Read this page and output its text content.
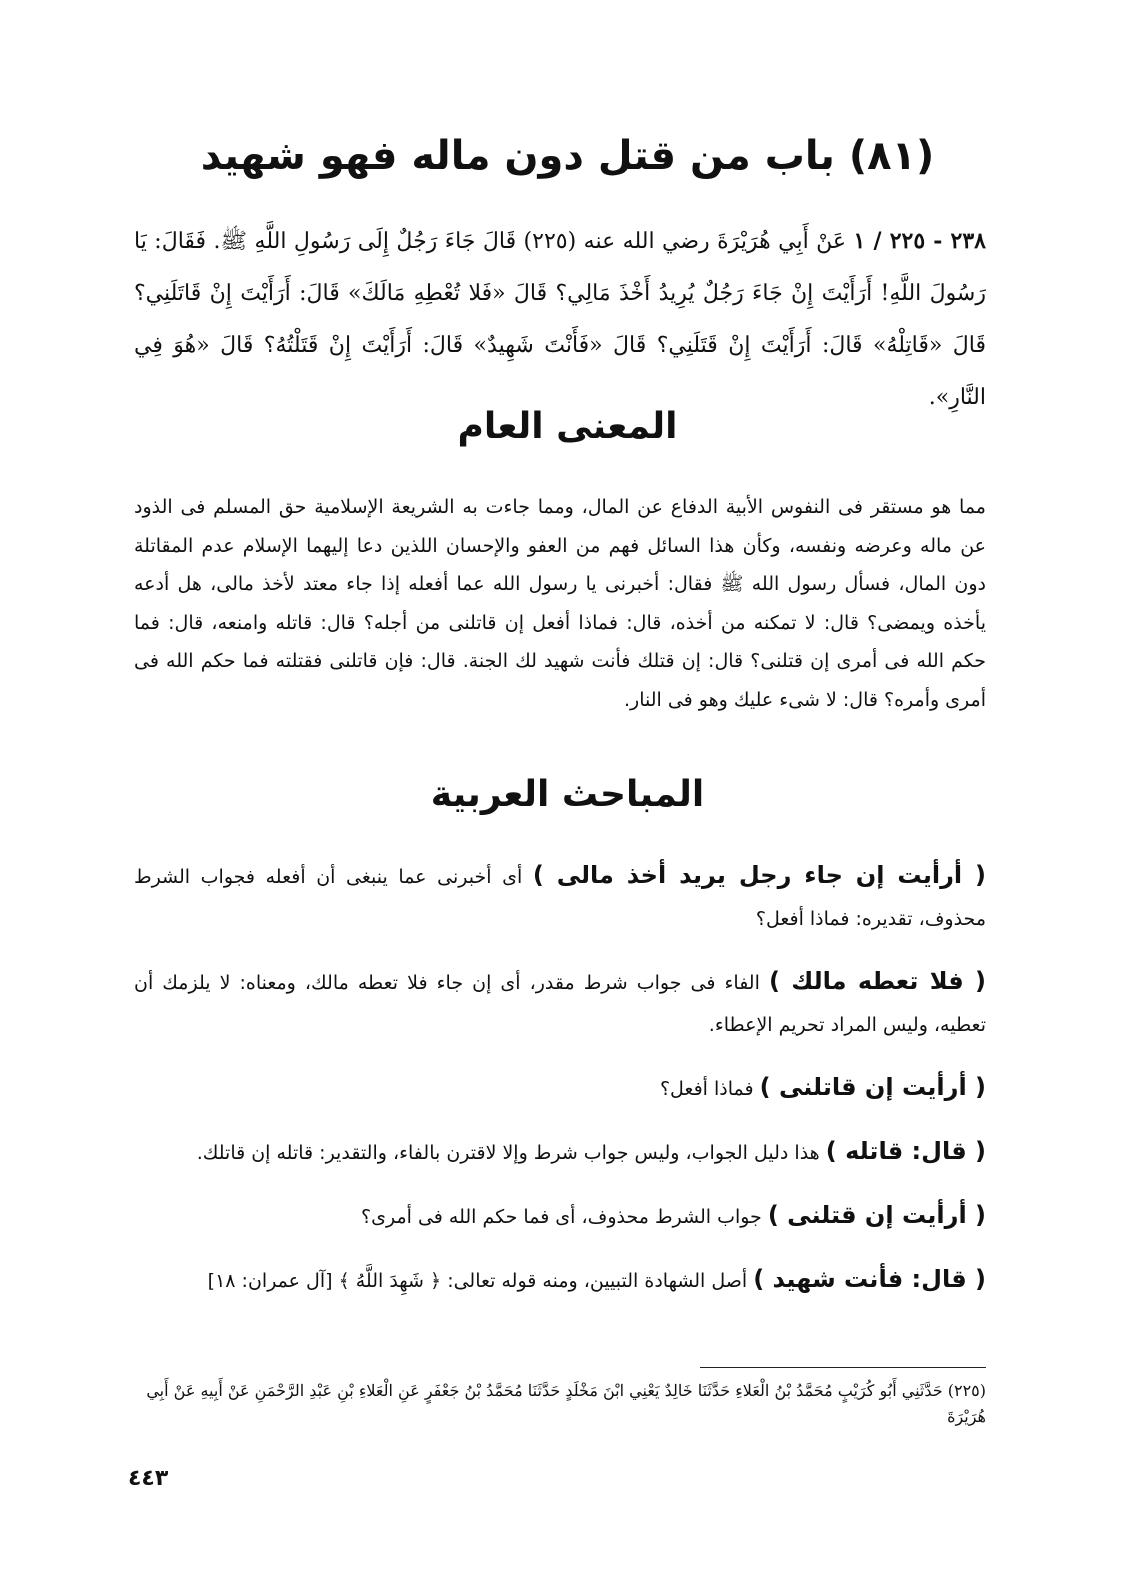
(٨١) باب من قتل دون ماله فهو شهيد

٢٣٨ - ٢٢٥ / ١ عَنْ أَبِي هُرَيْرَةَ رضي الله عنه (٢٢٥) قَالَ جَاءَ رَجُلٌ إِلَى رَسُولِ اللَّهِ ﷺ. فَقَالَ: يَا رَسُولَ اللَّهِ! أَرَأَيْتَ إِنْ جَاءَ رَجُلٌ يُرِيدُ أَخْذَ مَالِي؟ قَالَ «فَلا تُعْطِهِ مَالَكَ» قَالَ: أَرَأَيْتَ إِنْ قَاتَلَنِي؟ قَالَ «قَاتِلْهُ» قَالَ: أَرَأَيْتَ إِنْ قَتَلَنِي؟ قَالَ «فَأَنْتَ شَهِيدٌ» قَالَ: أَرَأَيْتَ إِنْ قَتَلْتُهُ؟ قَالَ «هُوَ فِي النَّارِ».

المعنى العام

مما هو مستقر فى النفوس الأبية الدفاع عن المال، ومما جاءت به الشريعة الإسلامية حق المسلم فى الذود عن ماله وعرضه ونفسه، وكأن هذا السائل فهم من العفو والإحسان اللذين دعا إليهما الإسلام عدم المقاتلة دون المال، فسأل رسول الله ﷺ فقال: أخبرنى يا رسول الله عما أفعله إذا جاء معتد لأخذ مالى، هل أدعه يأخذه ويمضى؟ قال: لا تمكنه من أخذه، قال: فماذا أفعل إن قاتلنى من أجله؟ قال: قاتله وامنعه، قال: فما حكم الله فى أمرى إن قتلنى؟ قال: إن قتلك فأنت شهيد لك الجنة. قال: فإن قاتلنى فقتلته فما حكم الله فى أمرى وأمره؟ قال: لا شىء عليك وهو فى النار.

المباحث العربية

( أرأيت إن جاء رجل يريد أخذ مالى ) أى أخبرنى عما ينبغى أن أفعله فجواب الشرط محذوف، تقديره: فماذا أفعل؟

( فلا تعطه مالك ) الفاء فى جواب شرط مقدر، أى إن جاء فلا تعطه مالك، ومعناه: لا يلزمك أن تعطيه، وليس المراد تحريم الإعطاء.

( أرأيت إن قاتلنى ) فماذا أفعل؟

( قال: قاتله ) هذا دليل الجواب، وليس جواب شرط وإلا لاقترن بالفاء، والتقدير: قاتله إن قاتلك.

( أرأيت إن قتلنى ) جواب الشرط محذوف، أى فما حكم الله فى أمرى؟

( قال: فأنت شهيد ) أصل الشهادة التبيين، ومنه قوله تعالى: ﴿ شَهِدَ اللَّهُ ﴾ [آل عمران: ١٨]

(٢٢٥) حَدَّثَنِي أَبُو كُرَيْبٍ مُحَمَّدُ بْنُ الْعَلاءِ حَدَّثَنَا خَالِدٌ يَعْنِي ابْنَ مَخْلَدٍ حَدَّثَنَا مُحَمَّدُ بْنُ جَعْفَرٍ عَنِ الْعَلاءِ بْنِ عَبْدِ الرَّحْمَنِ عَنْ أَبِيهِ عَنْ أَبِي هُرَيْرَةَ

٤٤٣
